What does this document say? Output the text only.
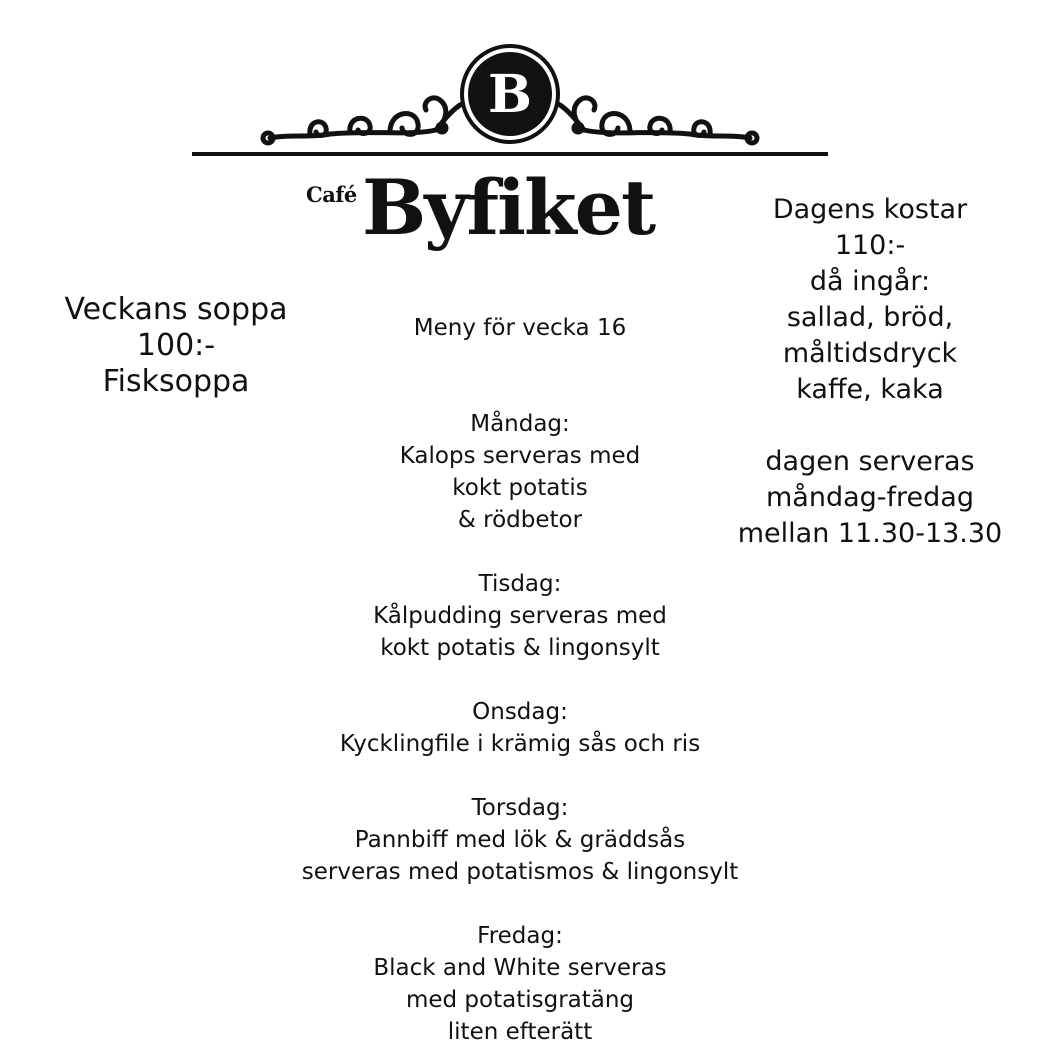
B
Café Byfiket
Veckans soppa
100:-
Fisksoppa
Meny för vecka 16
Måndag:
Kalops serveras med
kokt potatis
& rödbetor
Tisdag:
Kålpudding serveras med
kokt potatis & lingonsylt
Onsdag:
Kycklingfile i krämig sås och ris
Torsdag:
Pannbiff med lök & gräddsås
serveras med potatismos & lingonsylt
Fredag:
Black and White serveras
med potatisgratäng
liten efterätt
Dagens kostar
110:-
då ingår:
sallad, bröd,
måltidsdryck
kaffe, kaka
dagen serveras
måndag-fredag
mellan 11.30-13.30
